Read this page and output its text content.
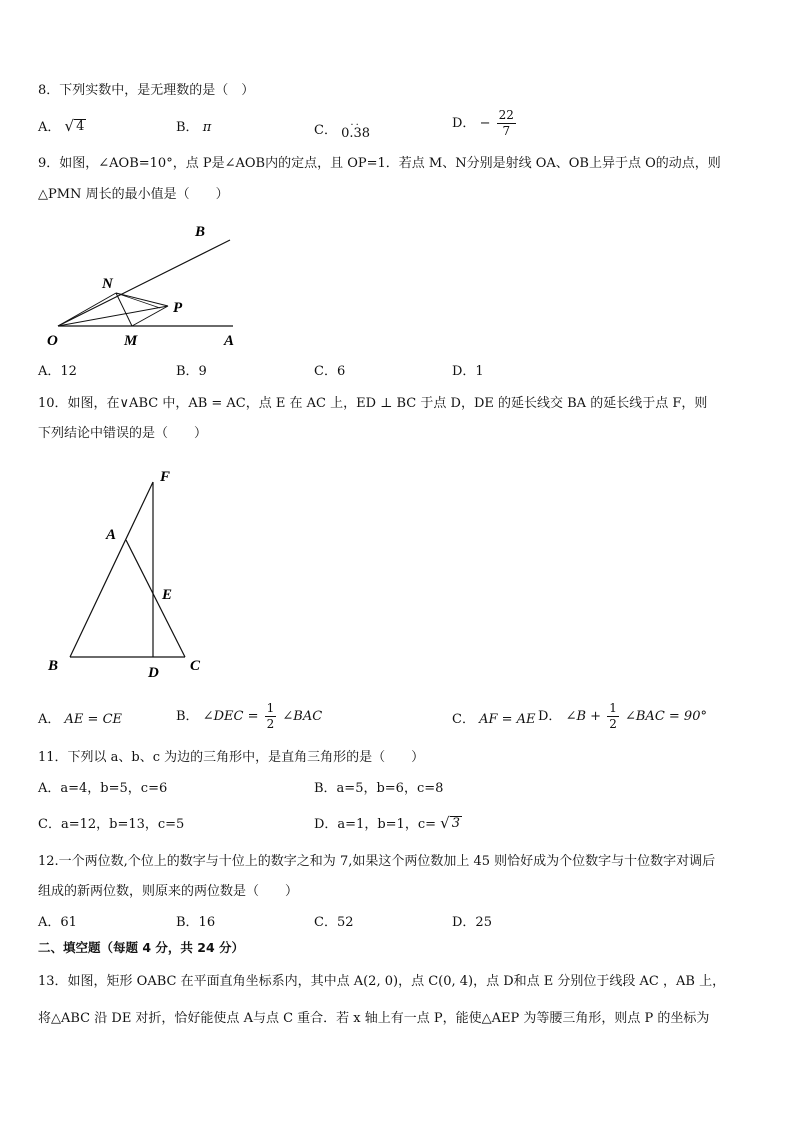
8．下列实数中，是无理数的是（　）
A． √ 4	B． π	C．
..
0.38
D． − $\frac{22}{7}$
9．如图，∠AOB=10°，点 P是∠AOB内的定点，且 OP=1．若点 M、N分别是射线 OA、OB上异于点 O的动点，则
△PMN 周长的最小值是（　　）
B
N
P
O	M	A
A．12	B．9	C．6	D．1
10．如图，在∨ABC 中，AB = AC，点 E 在 AC 上，ED ⊥ BC 于点 D，DE 的延长线交 BA 的延长线于点 F，则
下列结论中错误的是（　　）
F
A
E
B	D C
A． AE = CE	B． ∠DEC = $\frac{1}{2}$ ∠BAC	C． AF = AE D． ∠B + $\frac{1}{2}$ ∠BAC = 90°
11．下列以 a、b、c 为边的三角形中，是直角三角形的是（　　）
A．a=4，b=5，c=6	B．a=5，b=6，c=8
C．a=12，b=13，c=5	D．a=1，b=1，c= √ 3
12.一个两位数,个位上的数字与十位上的数字之和为 7,如果这个两位数加上 45 则恰好成为个位数字与十位数字对调后
组成的新两位数，则原来的两位数是（　　）
A．61	B．16	C．52	D．25
二、填空题（每题 4 分，共 24 分）
13．如图，矩形 OABC 在平面直角坐标系内，其中点 A(2, 0)，点 C(0, 4)，点 D和点 E 分别位于线段 AC ，AB 上，
将△ABC 沿 DE 对折，恰好能使点 A与点 C 重合．若 x 轴上有一点 P，能使△AEP 为等腰三角形，则点 P 的坐标为
